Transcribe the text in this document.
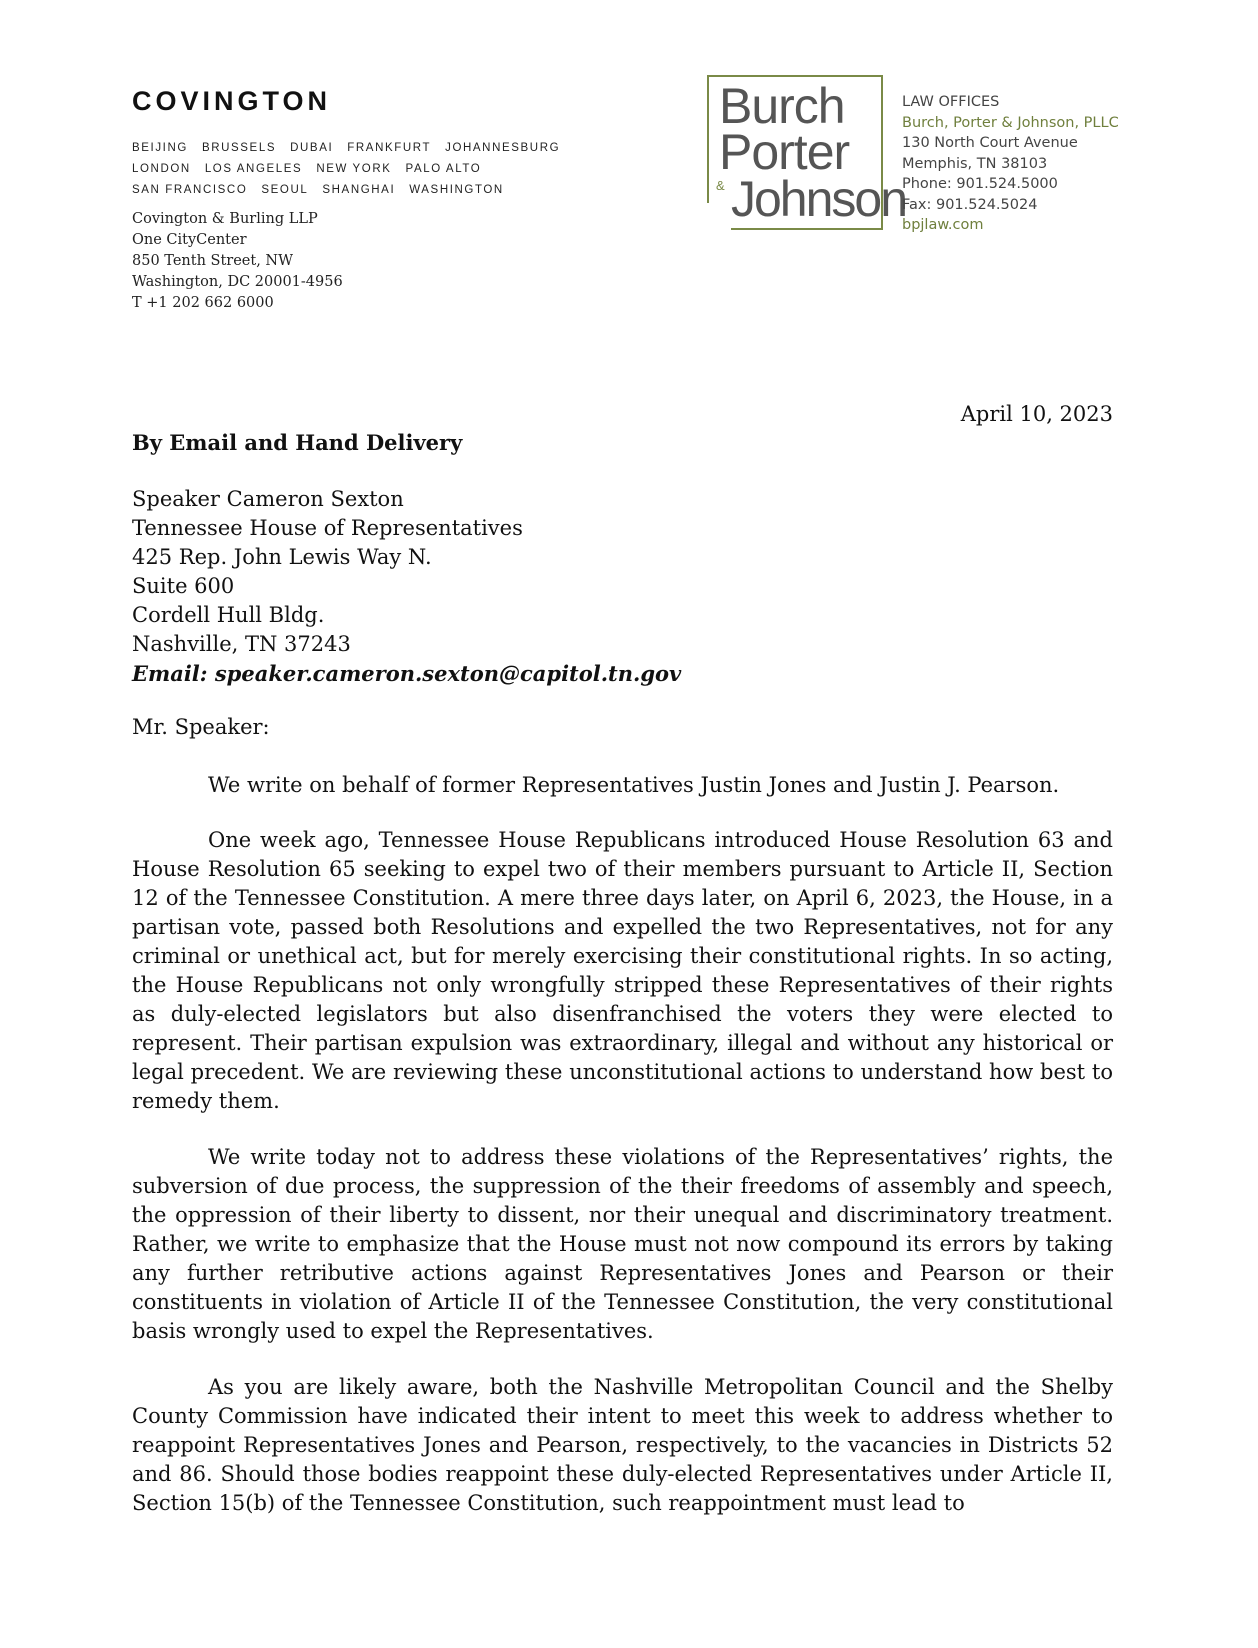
COVINGTON
BEIJING BRUSSELS DUBAI FRANKFURT JOHANNESBURG
LONDON LOS ANGELES NEW YORK PALO ALTO
SAN FRANCISCO SEOUL SHANGHAI WASHINGTON
Covington & Burling LLP
One CityCenter
850 Tenth Street, NW
Washington, DC 20001-4956
T +1 202 662 6000
Burch
Porter
& Johnson
LAW OFFICES
Burch, Porter & Johnson, PLLC
130 North Court Avenue
Memphis, TN 38103
Phone: 901.524.5000
Fax: 901.524.5024
bpjlaw.com
April 10, 2023
By Email and Hand Delivery
Speaker Cameron Sexton
Tennessee House of Representatives
425 Rep. John Lewis Way N.
Suite 600
Cordell Hull Bldg.
Nashville, TN 37243
Email: speaker.cameron.sexton@capitol.tn.gov
Mr. Speaker:

We write on behalf of former Representatives Justin Jones and Justin J. Pearson.

One week ago, Tennessee House Republicans introduced House Resolution 63 and House Resolution 65 seeking to expel two of their members pursuant to Article II, Section 12 of the Tennessee Constitution. A mere three days later, on April 6, 2023, the House, in a partisan vote, passed both Resolutions and expelled the two Representatives, not for any criminal or unethical act, but for merely exercising their constitutional rights. In so acting, the House Republicans not only wrongfully stripped these Representatives of their rights as duly-elected legislators but also disenfranchised the voters they were elected to represent. Their partisan expulsion was extraordinary, illegal and without any historical or legal precedent. We are reviewing these unconstitutional actions to understand how best to remedy them.

We write today not to address these violations of the Representatives’ rights, the subversion of due process, the suppression of the their freedoms of assembly and speech, the oppression of their liberty to dissent, nor their unequal and discriminatory treatment. Rather, we write to emphasize that the House must not now compound its errors by taking any further retributive actions against Representatives Jones and Pearson or their constituents in violation of Article II of the Tennessee Constitution, the very constitutional basis wrongly used to expel the Representatives.

As you are likely aware, both the Nashville Metropolitan Council and the Shelby County Commission have indicated their intent to meet this week to address whether to reappoint Representatives Jones and Pearson, respectively, to the vacancies in Districts 52 and 86. Should those bodies reappoint these duly-elected Representatives under Article II, Section 15(b) of the Tennessee Constitution, such reappointment must lead to
